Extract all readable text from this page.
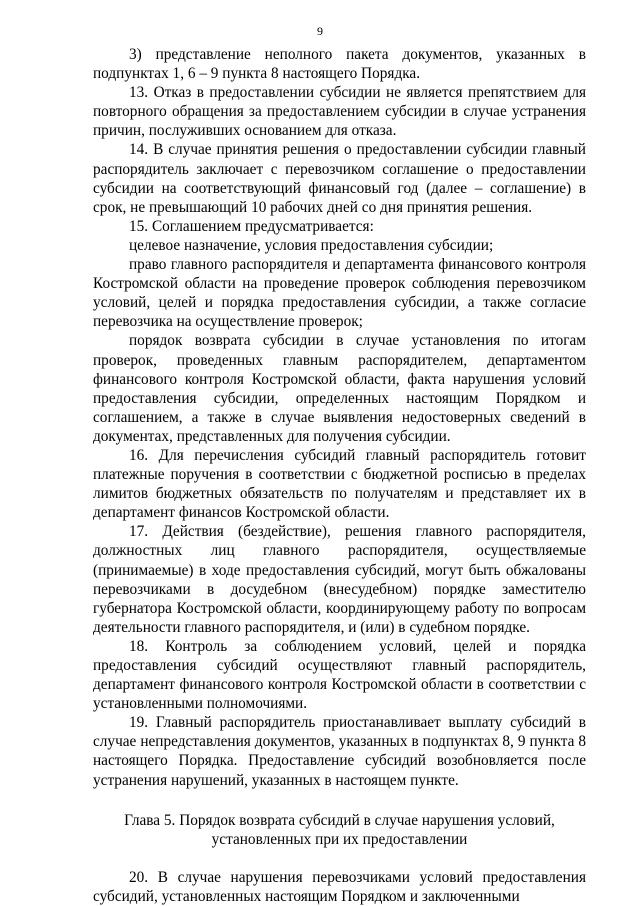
9

3) представление неполного пакета документов, указанных в подпунктах 1, 6 – 9 пункта 8 настоящего Порядка.

13. Отказ в предоставлении субсидии не является препятствием для повторного обращения за предоставлением субсидии в случае устранения причин, послуживших основанием для отказа.

14. В случае принятия решения о предоставлении субсидии главный распорядитель заключает с перевозчиком соглашение о предоставлении субсидии на соответствующий финансовый год (далее – соглашение) в срок, не превышающий 10 рабочих дней со дня принятия решения.

15. Соглашением предусматривается:

целевое назначение, условия предоставления субсидии;

право главного распорядителя и департамента финансового контроля Костромской области на проведение проверок соблюдения перевозчиком условий, целей и порядка предоставления субсидии, а также согласие перевозчика на осуществление проверок;

порядок возврата субсидии в случае установления по итогам проверок, проведенных главным распорядителем, департаментом финансового контроля Костромской области, факта нарушения условий предоставления субсидии, определенных настоящим Порядком и соглашением, а также в случае выявления недостоверных сведений в документах, представленных для получения субсидии.

16. Для перечисления субсидий главный распорядитель готовит платежные поручения в соответствии с бюджетной росписью в пределах лимитов бюджетных обязательств по получателям и представляет их в департамент финансов Костромской области.

17. Действия (бездействие), решения главного распорядителя, должностных лиц главного распорядителя, осуществляемые (принимаемые) в ходе предоставления субсидий, могут быть обжалованы перевозчиками в досудебном (внесудебном) порядке заместителю губернатора Костромской области, координирующему работу по вопросам деятельности главного распорядителя, и (или) в судебном порядке.

18. Контроль за соблюдением условий, целей и порядка предоставления субсидий осуществляют главный распорядитель, департамент финансового контроля Костромской области в соответствии с установленными полномочиями.

19. Главный распорядитель приостанавливает выплату субсидий в случае непредставления документов, указанных в подпунктах 8, 9 пункта 8 настоящего Порядка. Предоставление субсидий возобновляется после устранения нарушений, указанных в настоящем пункте.

Глава 5. Порядок возврата субсидий в случае нарушения условий,
установленных при их предоставлении

20. В случае нарушения перевозчиками условий предоставления субсидий, установленных настоящим Порядком и заключенными
